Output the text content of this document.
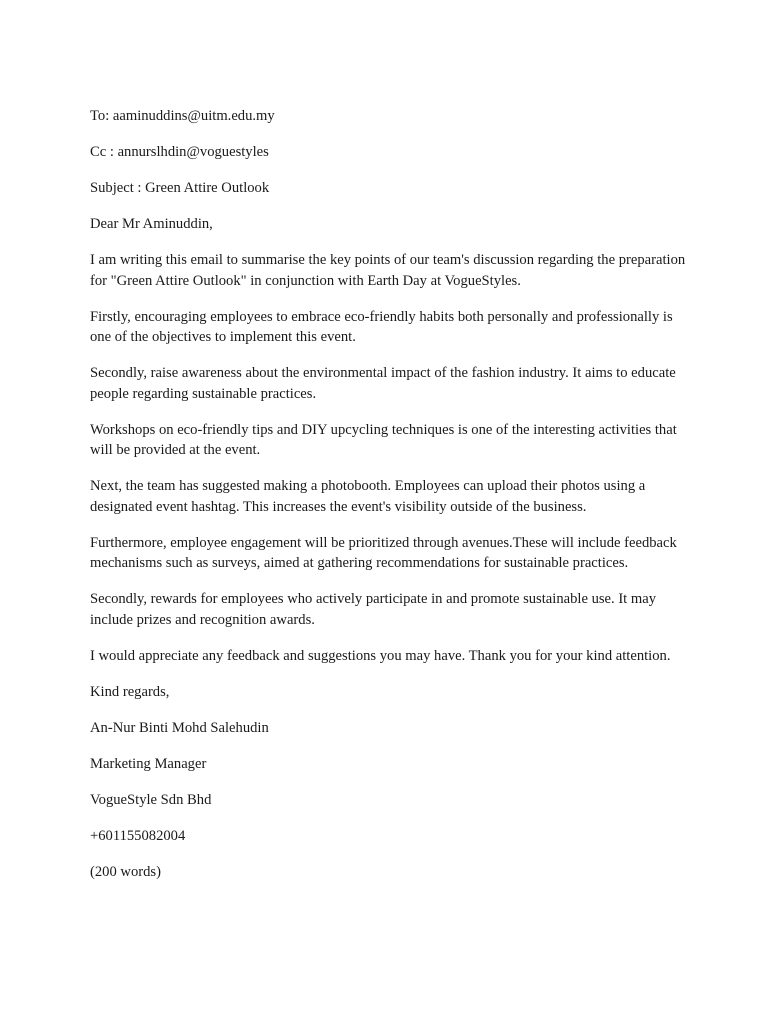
To: aaminuddins@uitm.edu.my
Cc : annurslhdin@voguestyles
Subject : Green Attire Outlook
Dear Mr Aminuddin,
I am writing this email to summarise the key points of our team's discussion regarding the preparation for "Green Attire Outlook" in conjunction with Earth Day at VogueStyles.
Firstly, encouraging employees to embrace eco-friendly habits both personally and professionally is one of the objectives to implement this event.
Secondly, raise awareness about the environmental impact of the fashion industry. It aims to educate people regarding sustainable practices.
Workshops on eco-friendly tips and DIY upcycling techniques is one of the interesting activities that will be provided at the event.
Next, the team has suggested making a photobooth. Employees can upload their photos using a designated event hashtag. This increases the event's visibility outside of the business.
Furthermore, employee engagement will be prioritized through avenues.These will include feedback mechanisms such as surveys, aimed at gathering recommendations for sustainable practices.
Secondly, rewards for employees who actively participate in and promote sustainable use. It may include prizes and recognition awards.
I would appreciate any feedback and suggestions you may have. Thank you for your kind attention.
Kind regards,
An-Nur Binti Mohd Salehudin
Marketing Manager
VogueStyle Sdn Bhd
+601155082004
(200 words)
